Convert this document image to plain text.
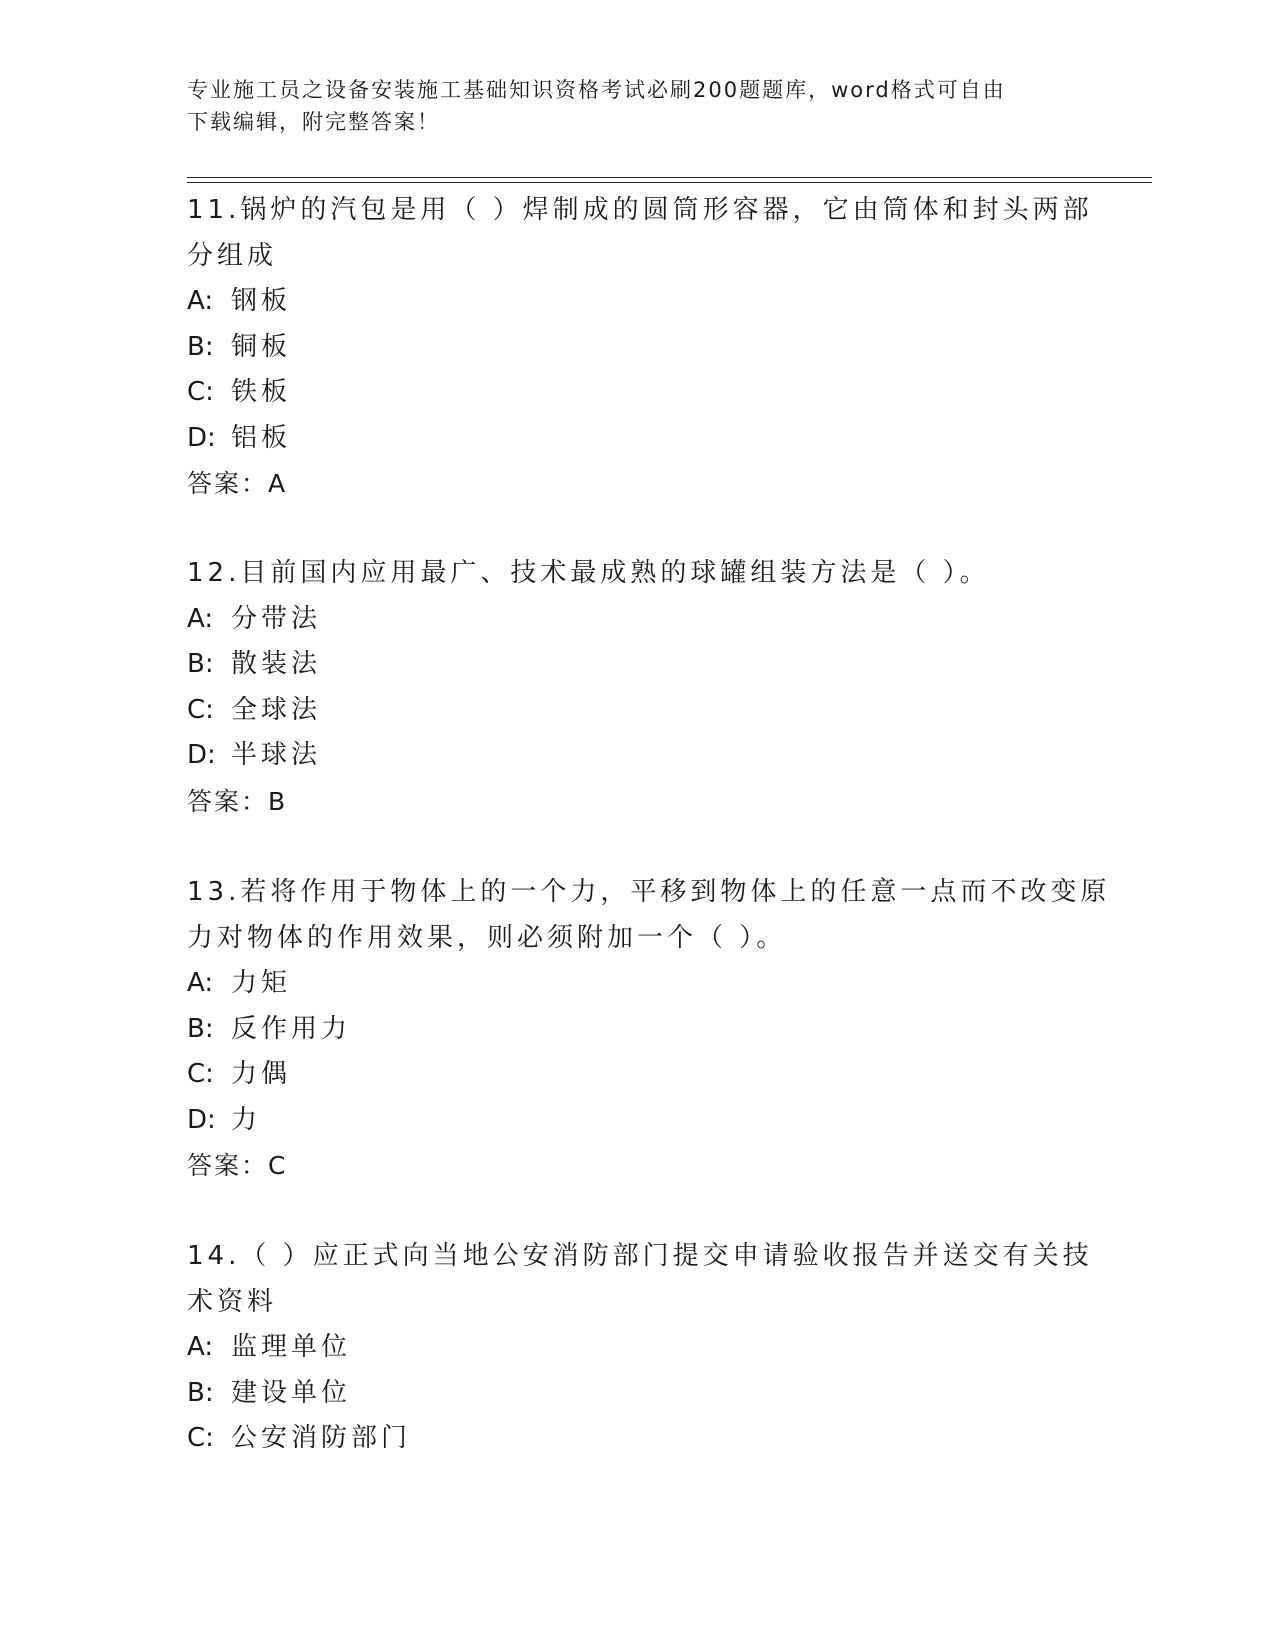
专业施工员之设备安装施工基础知识资格考试必刷200题题库，word格式可自由
下载编辑，附完整答案！
11.锅炉的汽包是用（ ）焊制成的圆筒形容器，它由筒体和封头两部
分组成
A: 钢板
B: 铜板
C: 铁板
D: 铝板
答案：A
12.目前国内应用最广、技术最成熟的球罐组装方法是（ ）。
A: 分带法
B: 散装法
C: 全球法
D: 半球法
答案：B
13.若将作用于物体上的一个力，平移到物体上的任意一点而不改变原
力对物体的作用效果，则必须附加一个（ ）。
A: 力矩
B: 反作用力
C: 力偶
D: 力
答案：C
14.（ ）应正式向当地公安消防部门提交申请验收报告并送交有关技
术资料
A: 监理单位
B: 建设单位
C: 公安消防部门
